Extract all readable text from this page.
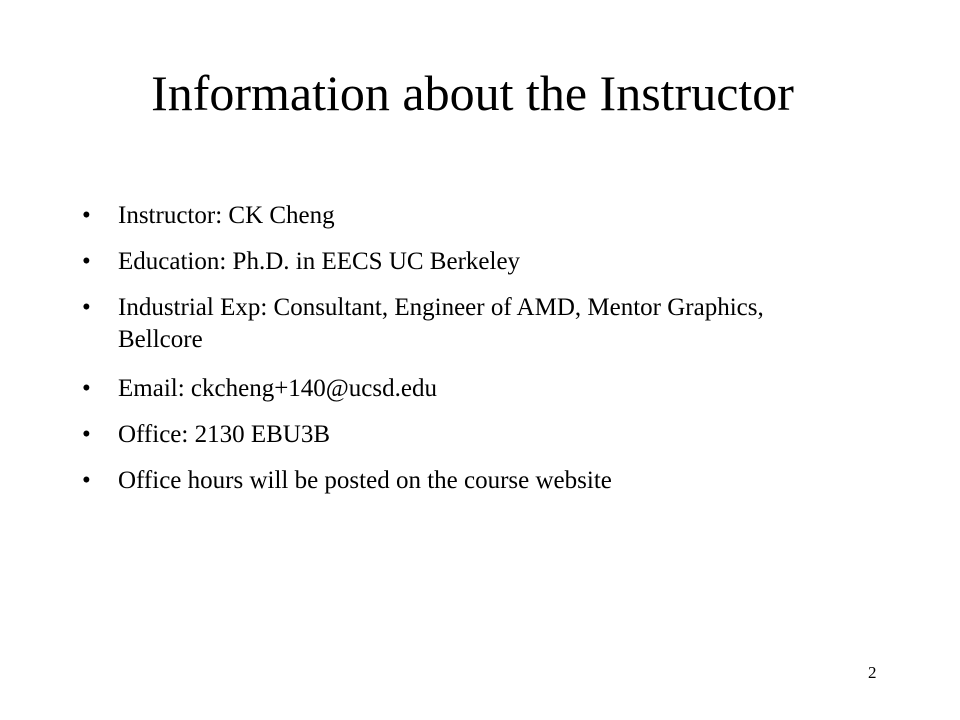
Information about the Instructor
•	Instructor: CK Cheng
•	Education: Ph.D. in EECS UC Berkeley
•	Industrial Exp: Consultant, Engineer of AMD, Mentor Graphics, Bellcore
•	Email: ckcheng+140@ucsd.edu
•	Office: 2130 EBU3B
•	Office hours will be posted on the course website
2
